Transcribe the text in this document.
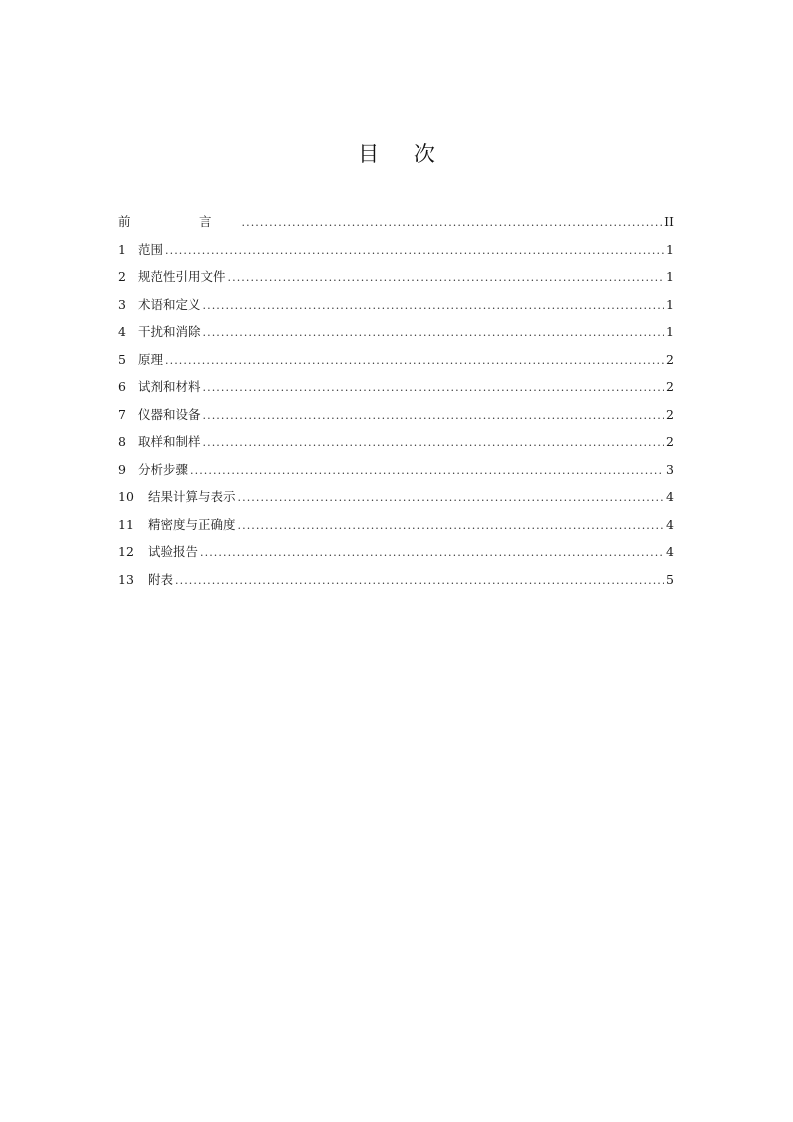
目 次
前　言 . . .	II
1 范围 . . .	1
2 规范性引用文件 . . .	1
3 术语和定义 . . .	1
4 干扰和消除 . . .	1
5 原理 . . .	2
6 试剂和材料 . . .	2
7 仪器和设备 . . .	2
8 取样和制样 . . .	2
9 分析步骤 . . .	3
10	结果计算与表示 . . .	4
11	精密度与正确度 . . .	4
12	试验报告 . . .	4
13	附表 . . .	5
